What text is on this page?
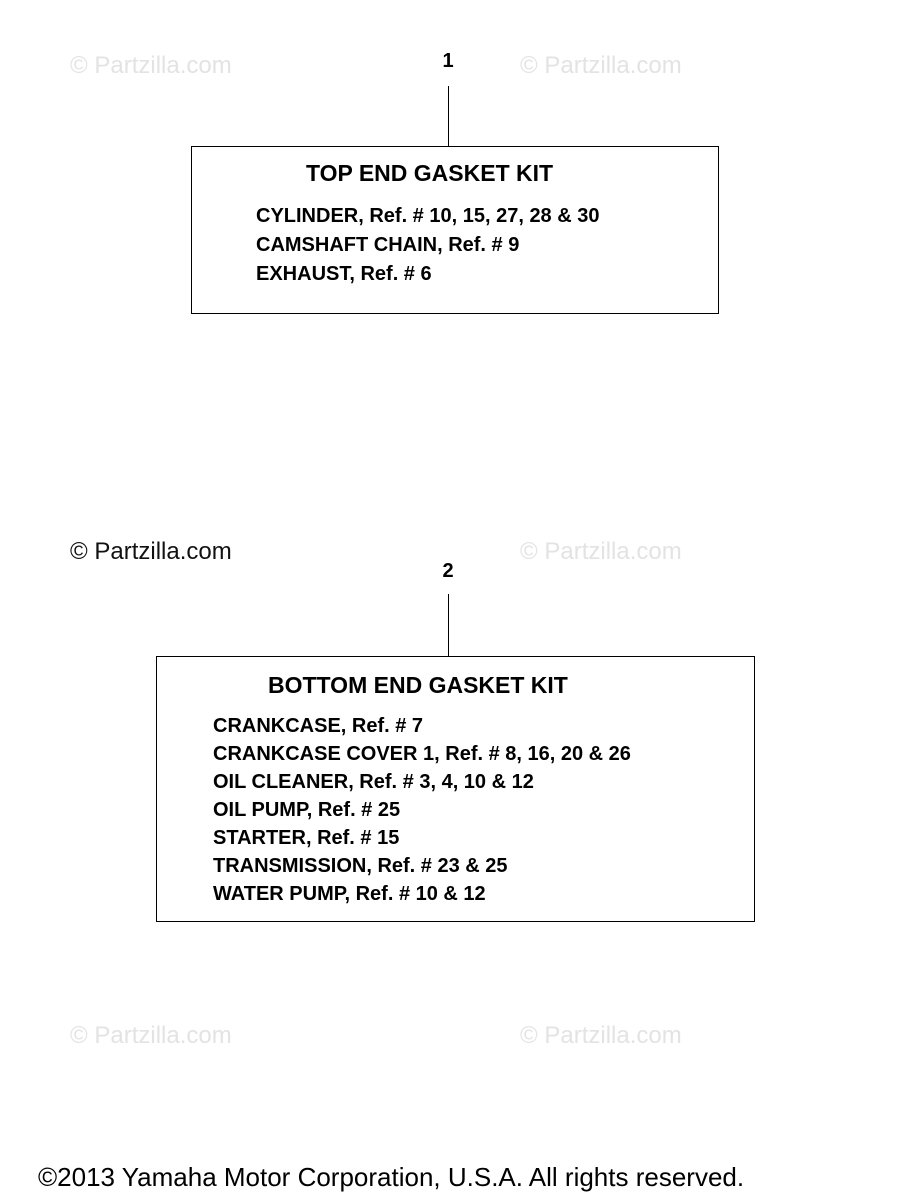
© Partzilla.com	© Partzilla.com
© Partzilla.com	© Partzilla.com
© Partzilla.com	© Partzilla.com
1
TOP END GASKET KIT
CYLINDER, Ref. # 10, 15, 27, 28 & 30
CAMSHAFT CHAIN, Ref. # 9
EXHAUST, Ref. # 6
2
BOTTOM END GASKET KIT
CRANKCASE, Ref. # 7
CRANKCASE COVER 1, Ref. # 8, 16, 20 & 26
OIL CLEANER, Ref. # 3, 4, 10 & 12
OIL PUMP, Ref. # 25
STARTER, Ref. # 15
TRANSMISSION, Ref. # 23 & 25
WATER PUMP, Ref. # 10 & 12
©2013 Yamaha Motor Corporation, U.S.A. All rights reserved.
